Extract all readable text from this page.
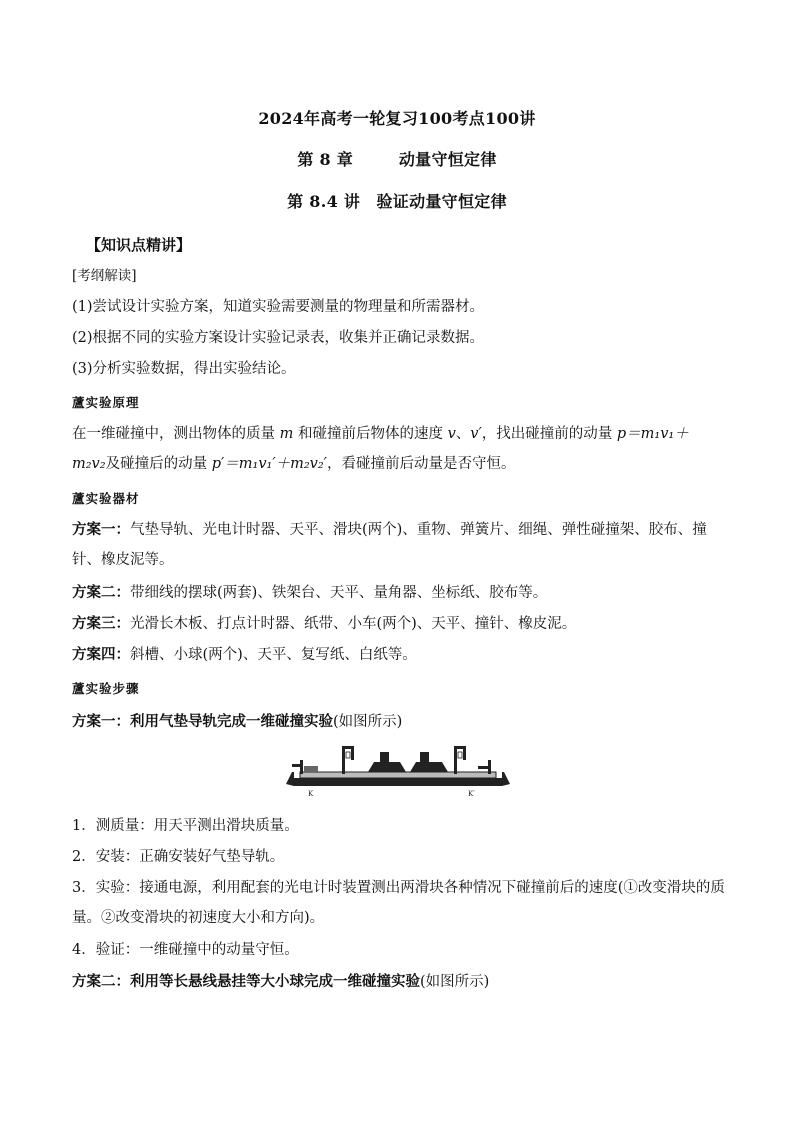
2024年高考一轮复习100考点100讲
第 8 章	动量守恒定律
第 8.4 讲　验证动量守恒定律
【知识点精讲】
[考纲解读]
(1)尝试设计实验方案，知道实验需要测量的物理量和所需器材。
(2)根据不同的实验方案设计实验记录表，收集并正确记录数据。
(3)分析实验数据，得出实验结论。
蘆实验原理
在一维碰撞中，测出物体的质量 m 和碰撞前后物体的速度 v、v′，找出碰撞前的动量 p＝m₁v₁＋
m₂v₂及碰撞后的动量 p′＝m₁v₁′＋m₂v₂′，看碰撞前后动量是否守恒。
蘆实验器材
方案一：气垫导轨、光电计时器、天平、滑块(两个)、重物、弹簧片、细绳、弹性碰撞架、胶布、撞针、橡皮泥等。
方案二：带细线的摆球(两套)、铁架台、天平、量角器、坐标纸、胶布等。
方案三：光滑长木板、打点计时器、纸带、小车(两个)、天平、撞针、橡皮泥。
方案四：斜槽、小球(两个)、天平、复写纸、白纸等。
蘆实验步骤
方案一：利用气垫导轨完成一维碰撞实验(如图所示)
K	K′
1．测质量：用天平测出滑块质量。
2．安装：正确安装好气垫导轨。
3．实验：接通电源，利用配套的光电计时装置测出两滑块各种情况下碰撞前后的速度(①改变滑块的质量。②改变滑块的初速度大小和方向)。
4．验证：一维碰撞中的动量守恒。
方案二：利用等长悬线悬挂等大小球完成一维碰撞实验(如图所示)
